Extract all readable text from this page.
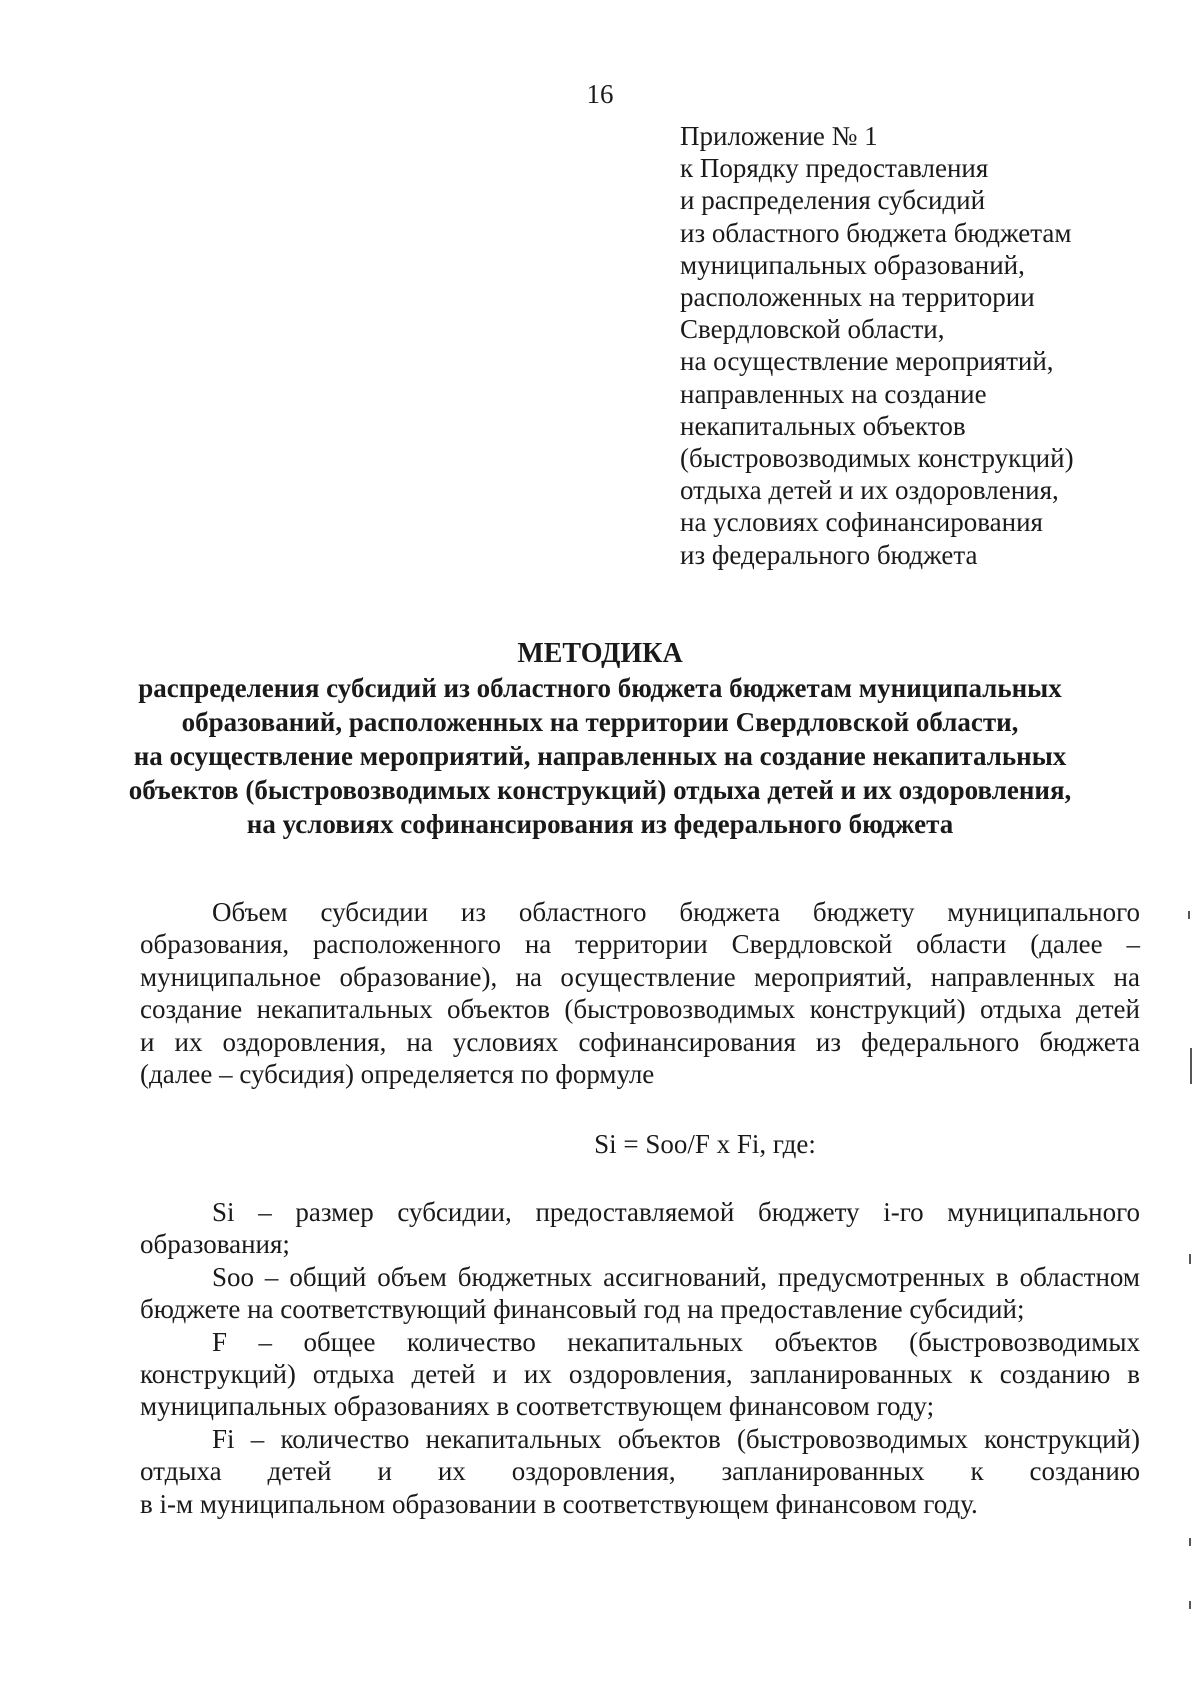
16
Приложение № 1
к Порядку предоставления
и распределения субсидий
из областного бюджета бюджетам
муниципальных образований,
расположенных на территории
Свердловской области,
на осуществление мероприятий,
направленных на создание
некапитальных объектов
(быстровозводимых конструкций)
отдыха детей и их оздоровления,
на условиях софинансирования
из федерального бюджета
МЕТОДИКА
распределения субсидий из областного бюджета бюджетам муниципальных
образований, расположенных на территории Свердловской области,
на осуществление мероприятий, направленных на создание некапитальных
объектов (быстровозводимых конструкций) отдыха детей и их оздоровления,
на условиях софинансирования из федерального бюджета
Объем субсидии из областного бюджета бюджету муниципального
образования, расположенного на территории Свердловской области (далее –
муниципальное образование), на осуществление мероприятий, направленных на
создание некапитальных объектов (быстровозводимых конструкций) отдыха детей
и их оздоровления, на условиях софинансирования из федерального бюджета
(далее – субсидия) определяется по формуле
Si = Soo/F x Fi, где:
Si – размер субсидии, предоставляемой бюджету i-го муниципального
образования;
Soo – общий объем бюджетных ассигнований, предусмотренных в областном
бюджете на соответствующий финансовый год на предоставление субсидий;
F – общее количество некапитальных объектов (быстровозводимых
конструкций) отдыха детей и их оздоровления, запланированных к созданию в
муниципальных образованиях в соответствующем финансовом году;
Fi – количество некапитальных объектов (быстровозводимых конструкций)
отдыха детей и их оздоровления, запланированных к созданию
в i-м муниципальном образовании в соответствующем финансовом году.
